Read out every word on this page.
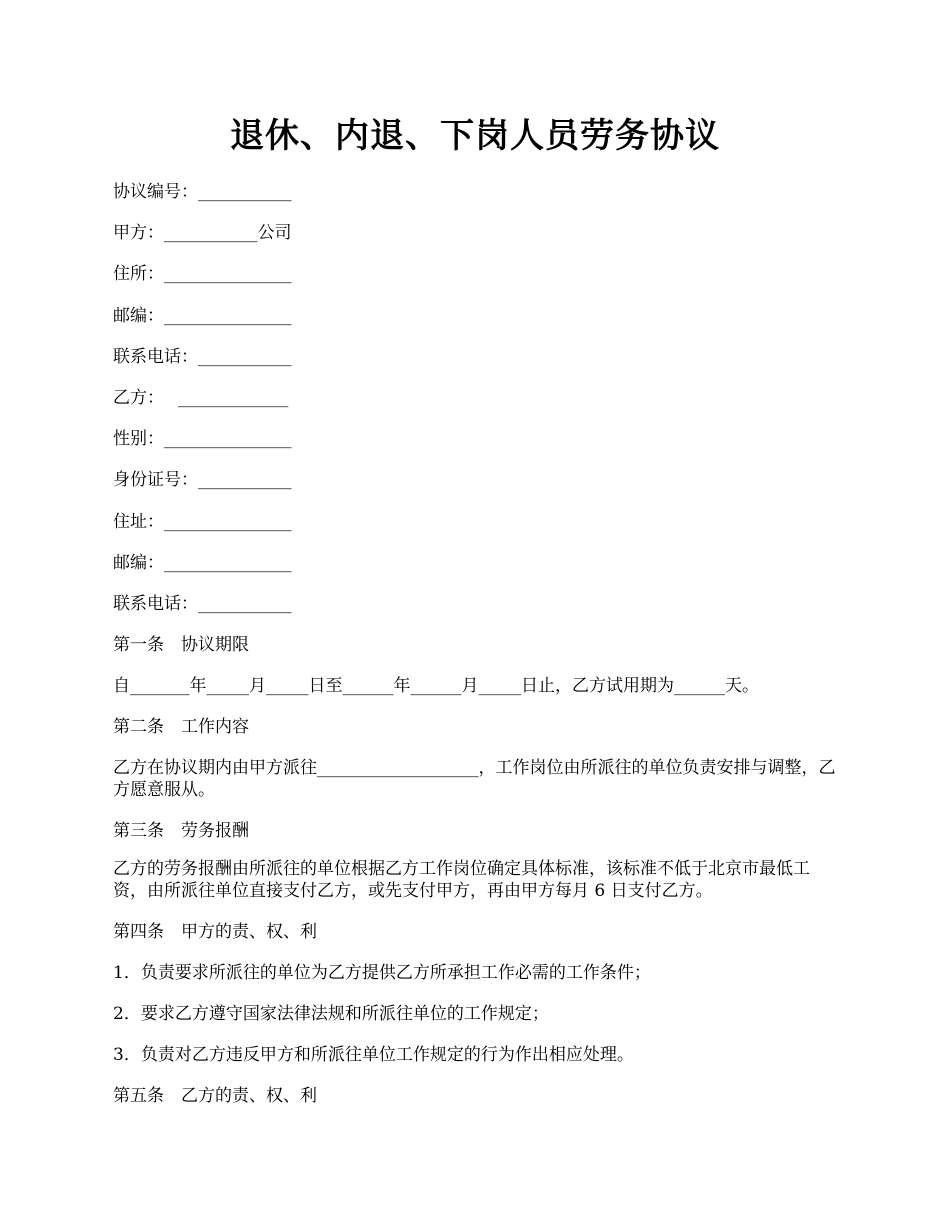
退休、内退、下岗人员劳务协议
协议编号：___________
甲方：___________公司
住所：_______________
邮编：_______________
联系电话：___________
乙方：　 _____________
性别：_______________
身份证号：___________
住址：_______________
邮编：_______________
联系电话：___________
第一条　协议期限
自_______年_____月_____日至______年______月_____日止，乙方试用期为______天。
第二条　工作内容
乙方在协议期内由甲方派往___________________，工作岗位由所派往的单位负责安排与调整，乙方愿意服从。
第三条　劳务报酬
乙方的劳务报酬由所派往的单位根据乙方工作岗位确定具体标准，该标准不低于北京市最低工资，由所派往单位直接支付乙方，或先支付甲方，再由甲方每月 6 日支付乙方。
第四条　甲方的责、权、利
1．负责要求所派往的单位为乙方提供乙方所承担工作必需的工作条件；
2．要求乙方遵守国家法律法规和所派往单位的工作规定；
3．负责对乙方违反甲方和所派往单位工作规定的行为作出相应处理。
第五条　乙方的责、权、利
